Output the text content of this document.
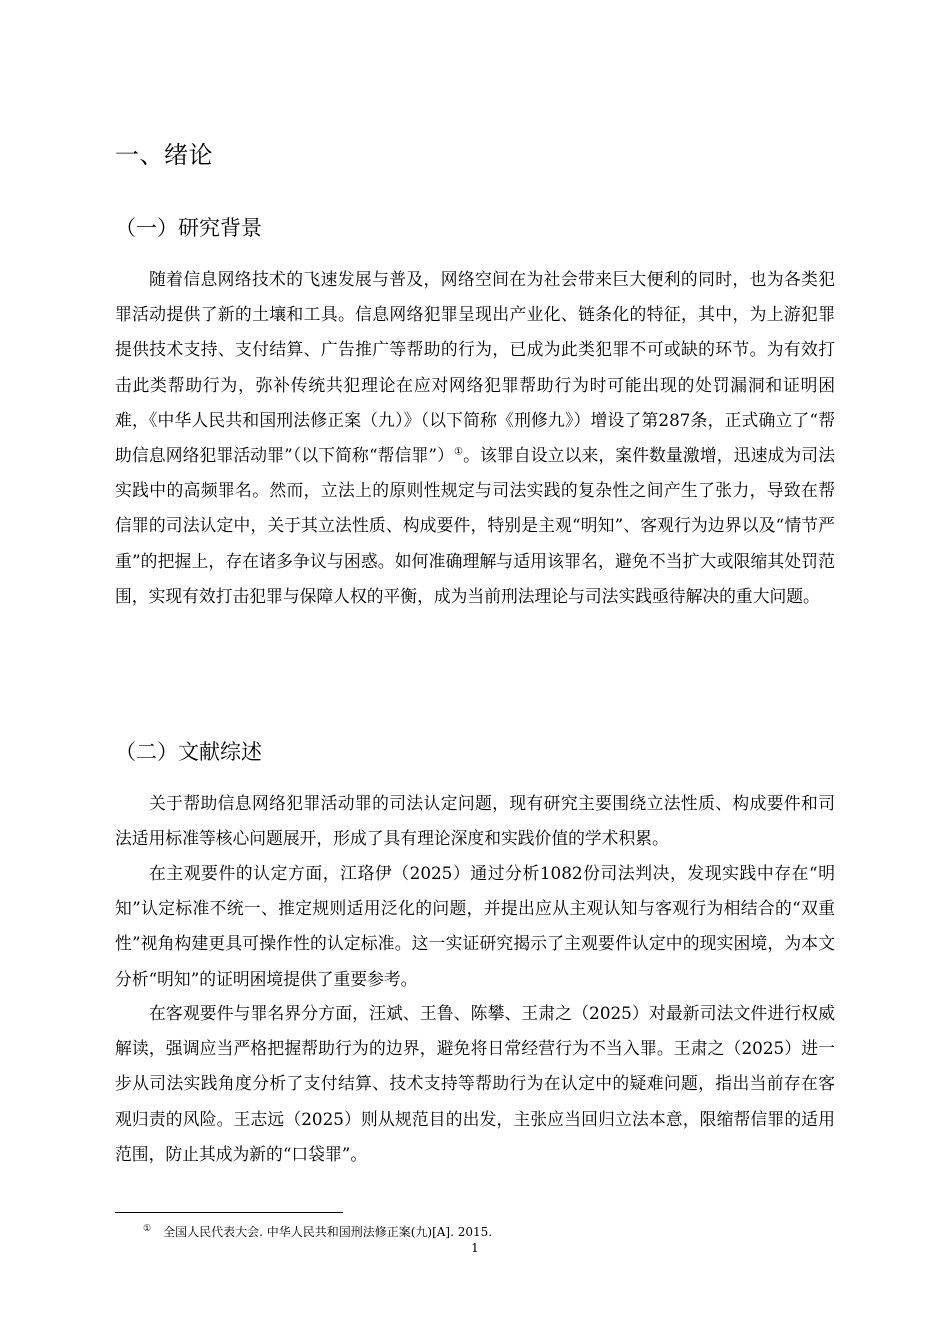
一、绪论
（一）研究背景

随着信息网络技术的飞速发展与普及，网络空间在为社会带来巨大便利的同时，也为各类犯罪活动提供了新的土壤和工具。信息网络犯罪呈现出产业化、链条化的特征，其中，为上游犯罪提供技术支持、支付结算、广告推广等帮助的行为，已成为此类犯罪不可或缺的环节。为有效打击此类帮助行为，弥补传统共犯理论在应对网络犯罪帮助行为时可能出现的处罚漏洞和证明困难，《中华人民共和国刑法修正案（九）》（以下简称《刑修九》）增设了第287条，正式确立了“帮助信息网络犯罪活动罪”（以下简称“帮信罪”）①。该罪自设立以来，案件数量激增，迅速成为司法实践中的高频罪名。然而，立法上的原则性规定与司法实践的复杂性之间产生了张力，导致在帮信罪的司法认定中，关于其立法性质、构成要件，特别是主观“明知”、客观行为边界以及“情节严重”的把握上，存在诸多争议与困惑。如何准确理解与适用该罪名，避免不当扩大或限缩其处罚范围，实现有效打击犯罪与保障人权的平衡，成为当前刑法理论与司法实践亟待解决的重大问题。

（二）文献综述

关于帮助信息网络犯罪活动罪的司法认定问题，现有研究主要围绕立法性质、构成要件和司法适用标准等核心问题展开，形成了具有理论深度和实践价值的学术积累。

在主观要件的认定方面，江珞伊（2025）通过分析1082份司法判决，发现实践中存在“明知”认定标准不统一、推定规则适用泛化的问题，并提出应从主观认知与客观行为相结合的“双重性”视角构建更具可操作性的认定标准。这一实证研究揭示了主观要件认定中的现实困境，为本文分析“明知”的证明困境提供了重要参考。

在客观要件与罪名界分方面，汪斌、王鲁、陈攀、王肃之（2025）对最新司法文件进行权威解读，强调应当严格把握帮助行为的边界，避免将日常经营行为不当入罪。王肃之（2025）进一步从司法实践角度分析了支付结算、技术支持等帮助行为在认定中的疑难问题，指出当前存在客观归责的风险。王志远（2025）则从规范目的出发，主张应当回归立法本意，限缩帮信罪的适用范围，防止其成为新的“口袋罪”。

① 全国人民代表大会. 中华人民共和国刑法修正案(九)[A]. 2015.

1
